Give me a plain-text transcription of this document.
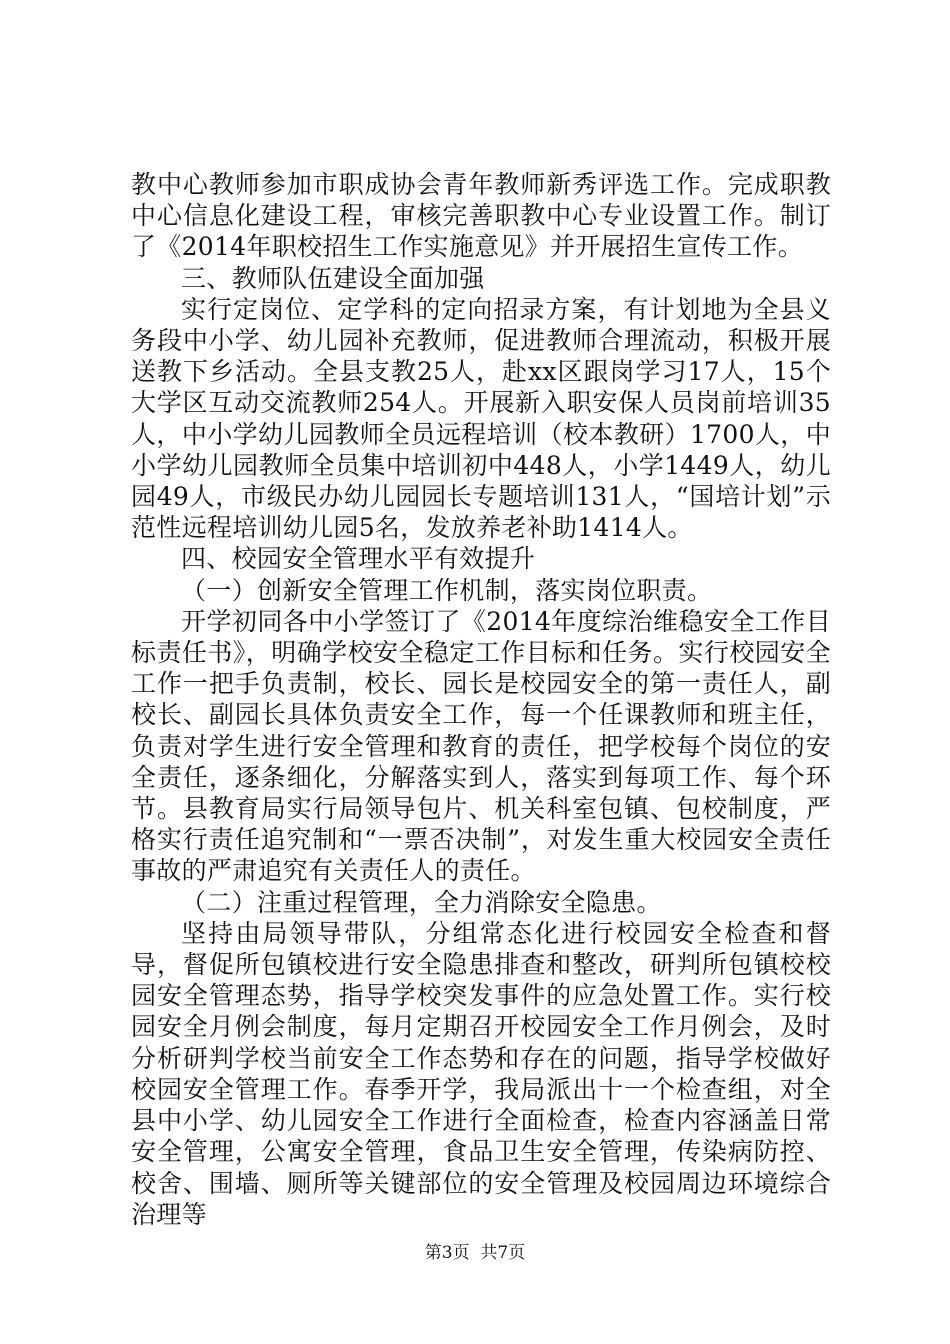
教中心教师参加市职成协会青年教师新秀评选工作。完成职教中心信息化建设工程，审核完善职教中心专业设置工作。制订了《2014年职校招生工作实施意见》并开展招生宣传工作。

三、教师队伍建设全面加强

实行定岗位、定学科的定向招录方案，有计划地为全县义务段中小学、幼儿园补充教师，促进教师合理流动，积极开展送教下乡活动。全县支教25人，赴xx区跟岗学习17人，15个大学区互动交流教师254人。开展新入职安保人员岗前培训35人，中小学幼儿园教师全员远程培训（校本教研）1700人，中小学幼儿园教师全员集中培训初中448人，小学1449人，幼儿园49人，市级民办幼儿园园长专题培训131人，“国培计划”示范性远程培训幼儿园5名，发放养老补助1414人。

四、校园安全管理水平有效提升

（一）创新安全管理工作机制，落实岗位职责。

开学初同各中小学签订了《2014年度综治维稳安全工作目标责任书》，明确学校安全稳定工作目标和任务。实行校园安全工作一把手负责制，校长、园长是校园安全的第一责任人，副校长、副园长具体负责安全工作，每一个任课教师和班主任，负责对学生进行安全管理和教育的责任，把学校每个岗位的安全责任，逐条细化，分解落实到人，落实到每项工作、每个环节。县教育局实行局领导包片、机关科室包镇、包校制度，严格实行责任追究制和“一票否决制”，对发生重大校园安全责任事故的严肃追究有关责任人的责任。

（二）注重过程管理，全力消除安全隐患。

坚持由局领导带队，分组常态化进行校园安全检查和督导，督促所包镇校进行安全隐患排查和整改，研判所包镇校校园安全管理态势，指导学校突发事件的应急处置工作。实行校园安全月例会制度，每月定期召开校园安全工作月例会，及时分析研判学校当前安全工作态势和存在的问题，指导学校做好校园安全管理工作。春季开学，我局派出十一个检查组，对全县中小学、幼儿园安全工作进行全面检查，检查内容涵盖日常安全管理，公寓安全管理，食品卫生安全管理，传染病防控、校舍、围墙、厕所等关键部位的安全管理及校园周边环境综合治理等

第3页  共7页
